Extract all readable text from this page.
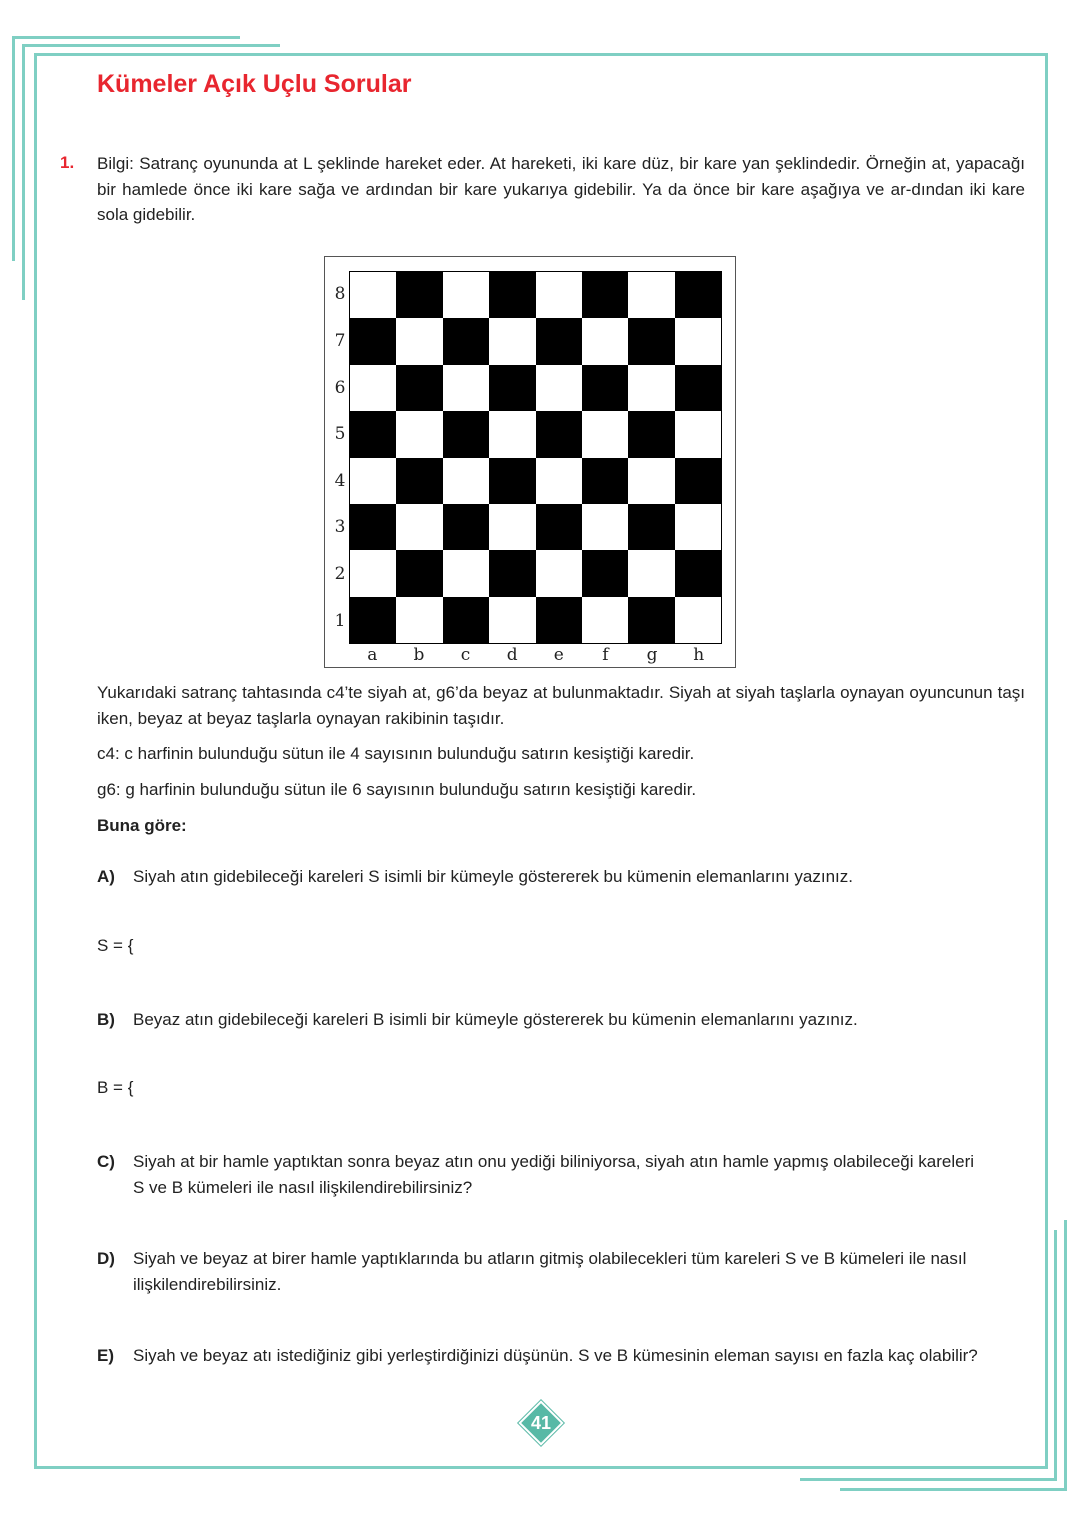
Kümeler Açık Uçlu Sorular
1. Bilgi: Satranç oyununda at L şeklinde hareket eder. At hareketi, iki kare düz, bir kare yan şeklindedir. Örneğin at, yapacağı bir hamlede önce iki kare sağa ve ardından bir kare yukarıya gidebilir. Ya da önce bir kare aşağıya ve ar-dından iki kare sola gidebilir.

8
7
6
5
4
3
2
1
a	b	c	d	e	f	g	h

Yukarıdaki satranç tahtasında c4’te siyah at, g6’da beyaz at bulunmaktadır. Siyah at siyah taşlarla oynayan oyuncunun taşı iken, beyaz at beyaz taşlarla oynayan rakibinin taşıdır.

c4: c harfinin bulunduğu sütun ile 4 sayısının bulunduğu satırın kesiştiği karedir.

g6: g harfinin bulunduğu sütun ile 6 sayısının bulunduğu satırın kesiştiği karedir.

Buna göre:

A) Siyah atın gidebileceği kareleri S isimli bir kümeyle göstererek bu kümenin elemanlarını yazınız.

S = {

B) Beyaz atın gidebileceği kareleri B isimli bir kümeyle göstererek bu kümenin elemanlarını yazınız.

B = {

C) Siyah at bir hamle yaptıktan sonra beyaz atın onu yediği biliniyorsa, siyah atın hamle yapmış olabileceği kareleri
S ve B kümeleri ile nasıl ilişkilendirebilirsiniz?

D) Siyah ve beyaz at birer hamle yaptıklarında bu atların gitmiş olabilecekleri tüm kareleri S ve B kümeleri ile nasıl
ilişkilendirebilirsiniz.

E) Siyah ve beyaz atı istediğiniz gibi yerleştirdiğinizi düşünün. S ve B kümesinin eleman sayısı en fazla kaç olabilir?

41
